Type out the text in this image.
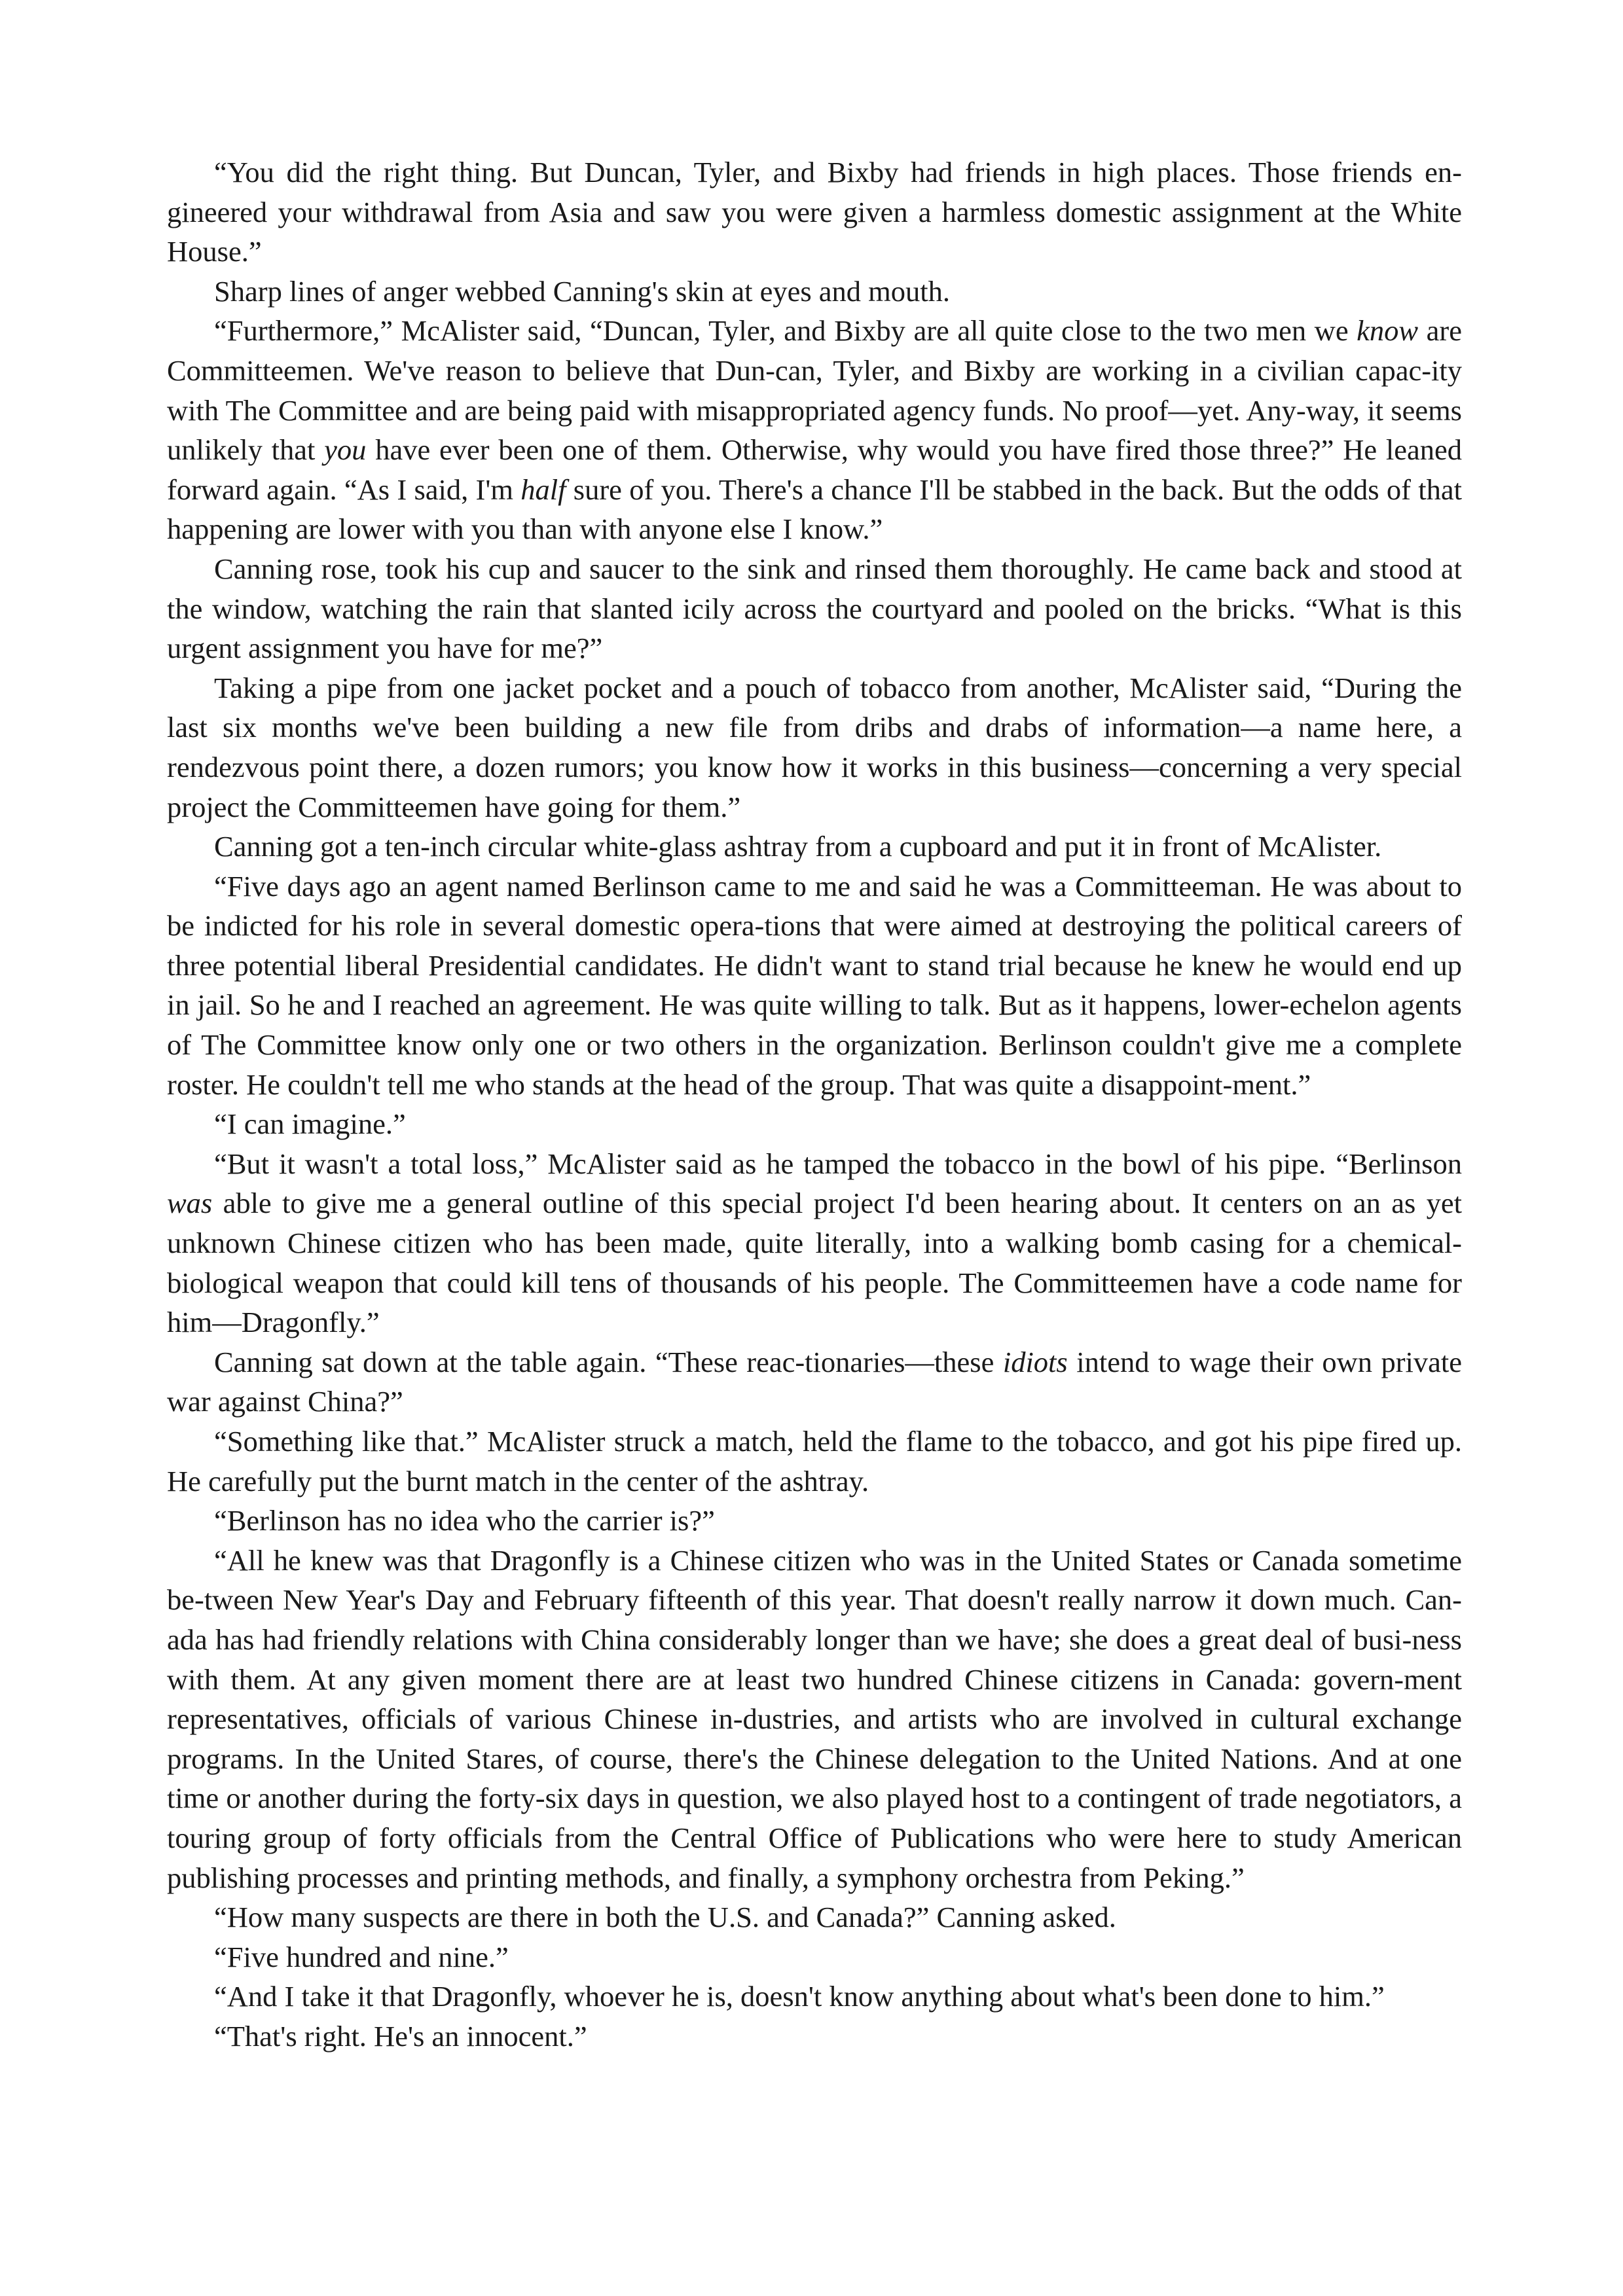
“You did the right thing. But Duncan, Tyler, and Bixby had friends in high places. Those friends en-gineered your withdrawal from Asia and saw you were given a harmless domestic assignment at the White House.”

Sharp lines of anger webbed Canning's skin at eyes and mouth.

“Furthermore,” McAlister said, “Duncan, Tyler, and Bixby are all quite close to the two men we know are Committeemen. We've reason to believe that Dun-can, Tyler, and Bixby are working in a civilian capac-ity with The Committee and are being paid with misappropriated agency funds. No proof—yet. Any-way, it seems unlikely that you have ever been one of them. Otherwise, why would you have fired those three?” He leaned forward again. “As I said, I'm half sure of you. There's a chance I'll be stabbed in the back. But the odds of that happening are lower with you than with anyone else I know.”

Canning rose, took his cup and saucer to the sink and rinsed them thoroughly. He came back and stood at the window, watching the rain that slanted icily across the courtyard and pooled on the bricks. “What is this urgent assignment you have for me?”

Taking a pipe from one jacket pocket and a pouch of tobacco from another, McAlister said, “During the last six months we've been building a new file from dribs and drabs of information—a name here, a rendezvous point there, a dozen rumors; you know how it works in this business—concerning a very special project the Committeemen have going for them.”

Canning got a ten-inch circular white-glass ashtray from a cupboard and put it in front of McAlister.

“Five days ago an agent named Berlinson came to me and said he was a Committeeman. He was about to be indicted for his role in several domestic opera-tions that were aimed at destroying the political careers of three potential liberal Presidential candidates. He didn't want to stand trial because he knew he would end up in jail. So he and I reached an agreement. He was quite willing to talk. But as it happens, lower-echelon agents of The Committee know only one or two others in the organization. Berlinson couldn't give me a complete roster. He couldn't tell me who stands at the head of the group. That was quite a disappoint-ment.”

“I can imagine.”

“But it wasn't a total loss,” McAlister said as he tamped the tobacco in the bowl of his pipe. “Berlinson was able to give me a general outline of this special project I'd been hearing about. It centers on an as yet unknown Chinese citizen who has been made, quite literally, into a walking bomb casing for a chemical-biological weapon that could kill tens of thousands of his people. The Committeemen have a code name for him—Dragonfly.”

Canning sat down at the table again. “These reac-tionaries—these idiots intend to wage their own private war against China?”

“Something like that.” McAlister struck a match, held the flame to the tobacco, and got his pipe fired up. He carefully put the burnt match in the center of the ashtray.

“Berlinson has no idea who the carrier is?”

“All he knew was that Dragonfly is a Chinese citizen who was in the United States or Canada sometime be-tween New Year's Day and February fifteenth of this year. That doesn't really narrow it down much. Can-ada has had friendly relations with China considerably longer than we have; she does a great deal of busi-ness with them. At any given moment there are at least two hundred Chinese citizens in Canada: govern-ment representatives, officials of various Chinese in-dustries, and artists who are involved in cultural exchange programs. In the United Stares, of course, there's the Chinese delegation to the United Nations. And at one time or another during the forty-six days in question, we also played host to a contingent of trade negotiators, a touring group of forty officials from the Central Office of Publications who were here to study American publishing processes and printing methods, and finally, a symphony orchestra from Peking.”

“How many suspects are there in both the U.S. and Canada?” Canning asked.

“Five hundred and nine.”

“And I take it that Dragonfly, whoever he is, doesn't know anything about what's been done to him.”

“That's right. He's an innocent.”
